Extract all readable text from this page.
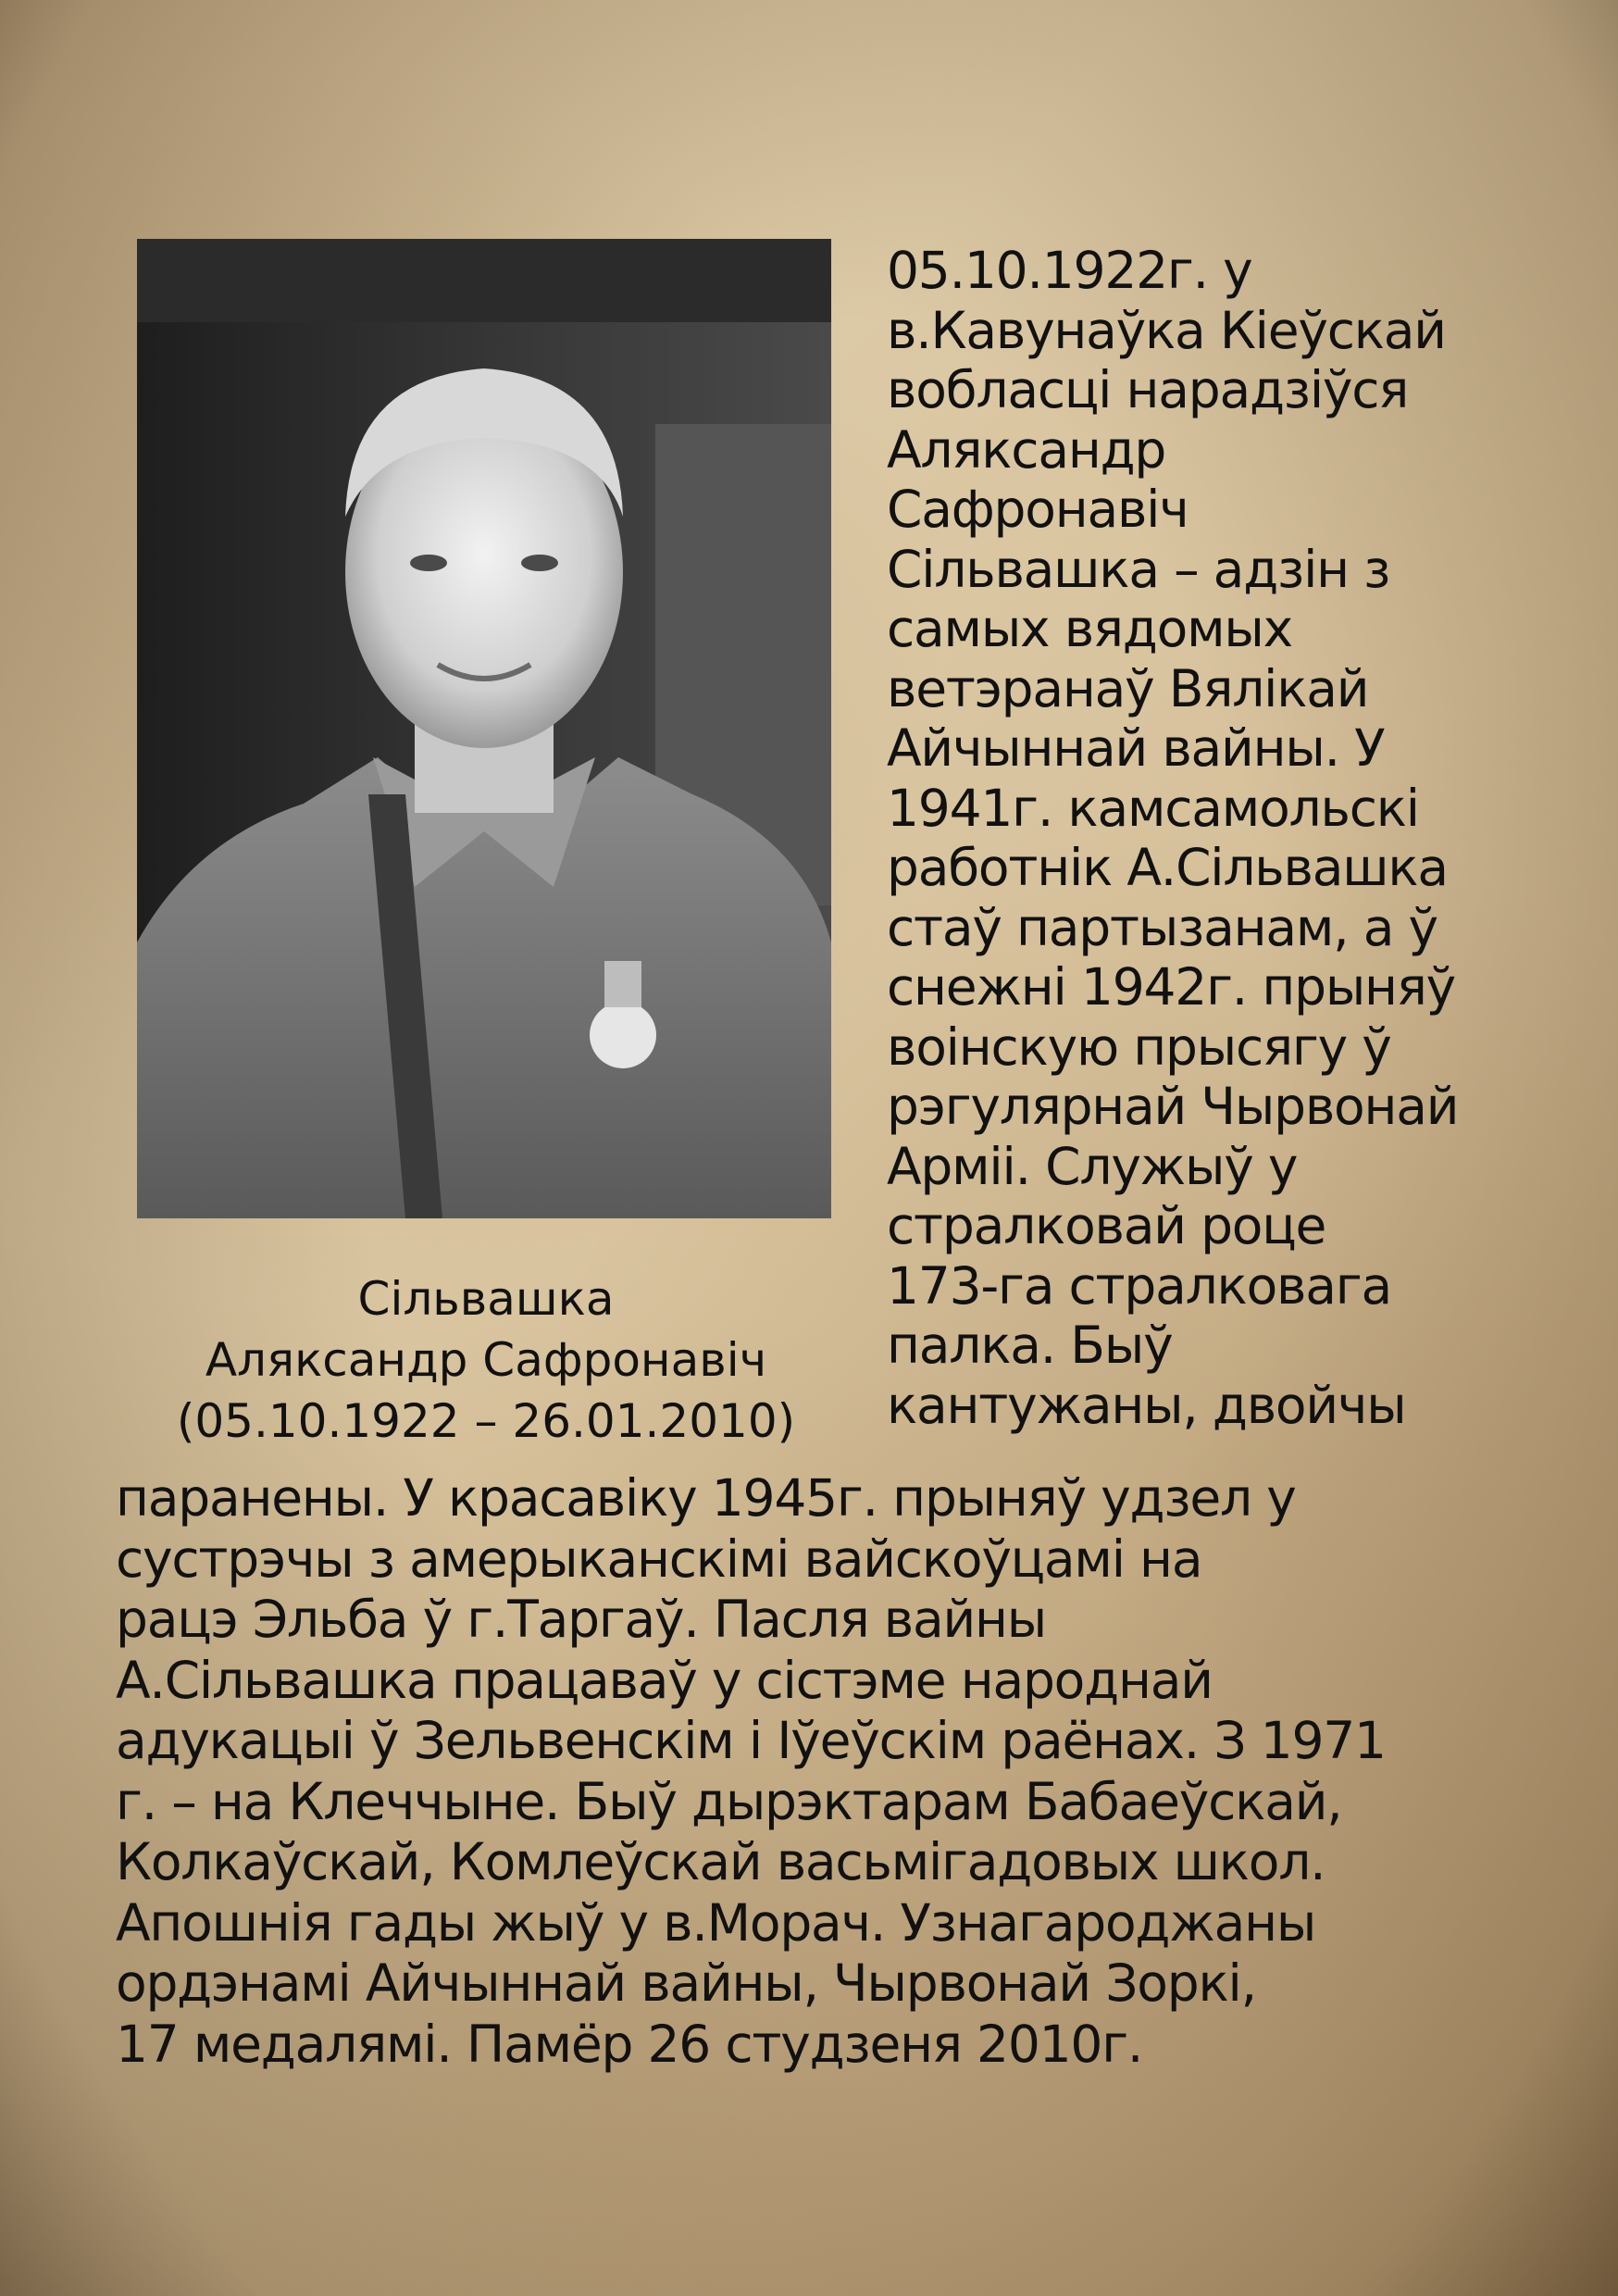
Сільвашка
Аляксандр Сафронавіч
(05.10.1922 – 26.01.2010)
05.10.1922г. у
в.Кавунаўка Кіеўскай
вобласці нарадзіўся
Аляксандр
Сафронавіч
Сільвашка – адзін з
самых вядомых
ветэранаў Вялікай
Айчыннай вайны. У
1941г. камсамольскі
работнік А.Сільвашка
стаў партызанам, а ў
снежні 1942г. прыняў
воінскую прысягу ў
рэгулярнай Чырвонай
Арміі. Служыў у
стралковай роце
173-га стралковага
палка. Быў
кантужаны, двойчы
паранены. У красавіку 1945г. прыняў удзел у
сустрэчы з амерыканскімі вайскоўцамі на
рацэ Эльба ў г.Таргаў. Пасля вайны
А.Сільвашка працаваў у сістэме народнай
адукацыі ў Зельвенскім і Іўеўскім раёнах. З 1971
г. – на Клеччыне. Быў дырэктарам Бабаеўскай,
Колкаўскай, Комлеўскай васьмігадовых школ.
Апошнія гады жыў у в.Морач. Узнагароджаны
ордэнамі Айчыннай вайны, Чырвонай Зоркі,
17 медалямі. Памёр 26 студзеня 2010г.
